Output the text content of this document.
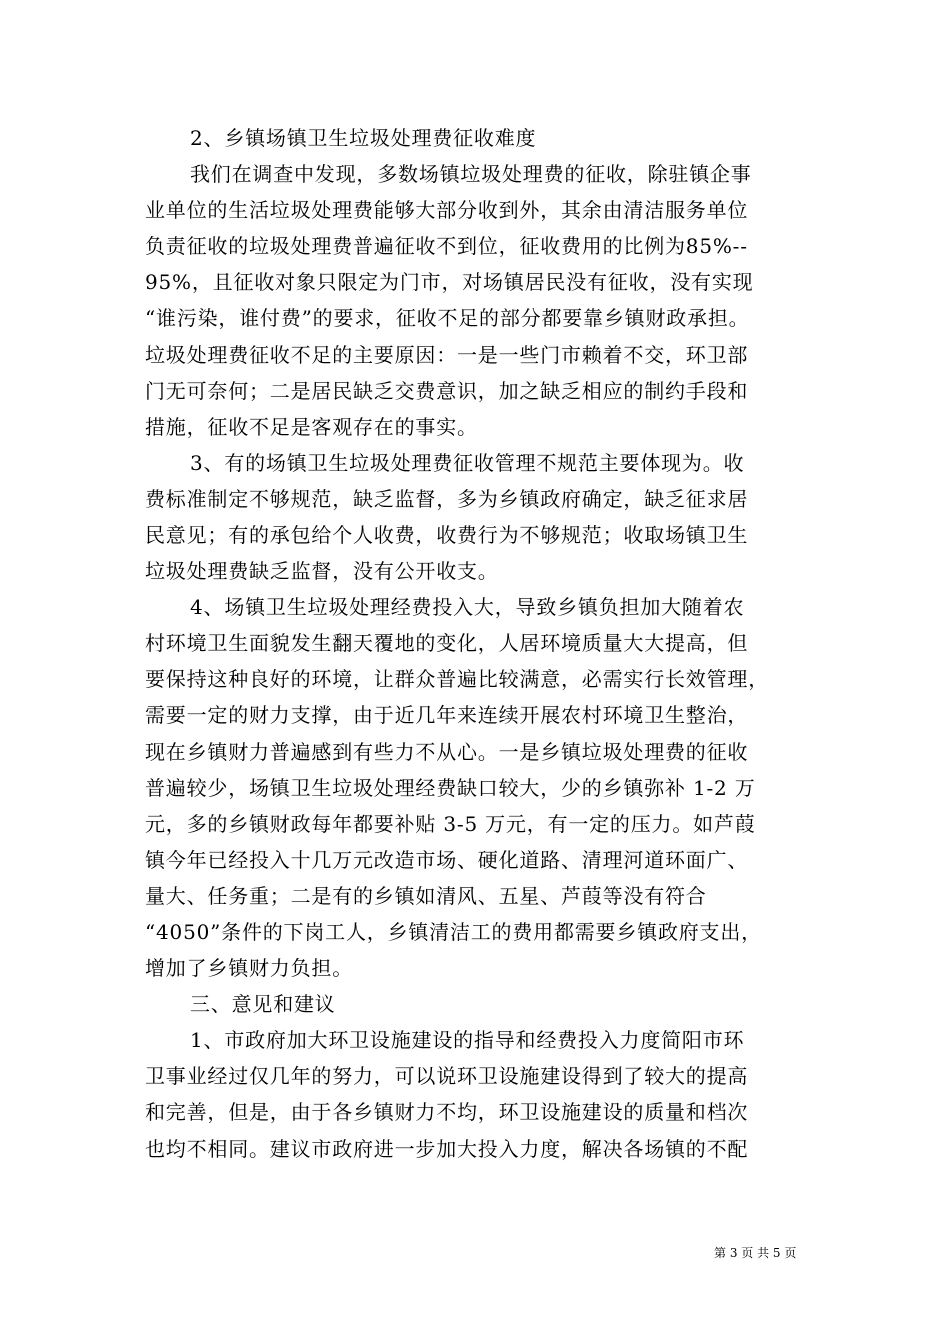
2、乡镇场镇卫生垃圾处理费征收难度
我们在调查中发现，多数场镇垃圾处理费的征收，除驻镇企事
业单位的生活垃圾处理费能够大部分收到外，其余由清洁服务单位
负责征收的垃圾处理费普遍征收不到位，征收费用的比例为85%--
95%，且征收对象只限定为门市，对场镇居民没有征收，没有实现
“谁污染，谁付费”的要求，征收不足的部分都要靠乡镇财政承担。
垃圾处理费征收不足的主要原因：一是一些门市赖着不交，环卫部
门无可奈何；二是居民缺乏交费意识，加之缺乏相应的制约手段和
措施，征收不足是客观存在的事实。
3、有的场镇卫生垃圾处理费征收管理不规范主要体现为。收
费标准制定不够规范，缺乏监督，多为乡镇政府确定，缺乏征求居
民意见；有的承包给个人收费，收费行为不够规范；收取场镇卫生
垃圾处理费缺乏监督，没有公开收支。
4、场镇卫生垃圾处理经费投入大，导致乡镇负担加大随着农
村环境卫生面貌发生翻天覆地的变化，人居环境质量大大提高，但
要保持这种良好的环境，让群众普遍比较满意，必需实行长效管理，
需要一定的财力支撑，由于近几年来连续开展农村环境卫生整治，
现在乡镇财力普遍感到有些力不从心。一是乡镇垃圾处理费的征收
普遍较少，场镇卫生垃圾处理经费缺口较大，少的乡镇弥补 1-2 万
元，多的乡镇财政每年都要补贴 3-5 万元，有一定的压力。如芦葭
镇今年已经投入十几万元改造市场、硬化道路、清理河道环面广、
量大、任务重；二是有的乡镇如清风、五星、芦葭等没有符合
“4050”条件的下岗工人，乡镇清洁工的费用都需要乡镇政府支出，
增加了乡镇财力负担。
三、意见和建议
1、市政府加大环卫设施建设的指导和经费投入力度简阳市环
卫事业经过仅几年的努力，可以说环卫设施建设得到了较大的提高
和完善，但是，由于各乡镇财力不均，环卫设施建设的质量和档次
也均不相同。建议市政府进一步加大投入力度，解决各场镇的不配
第 3 页 共 5 页
